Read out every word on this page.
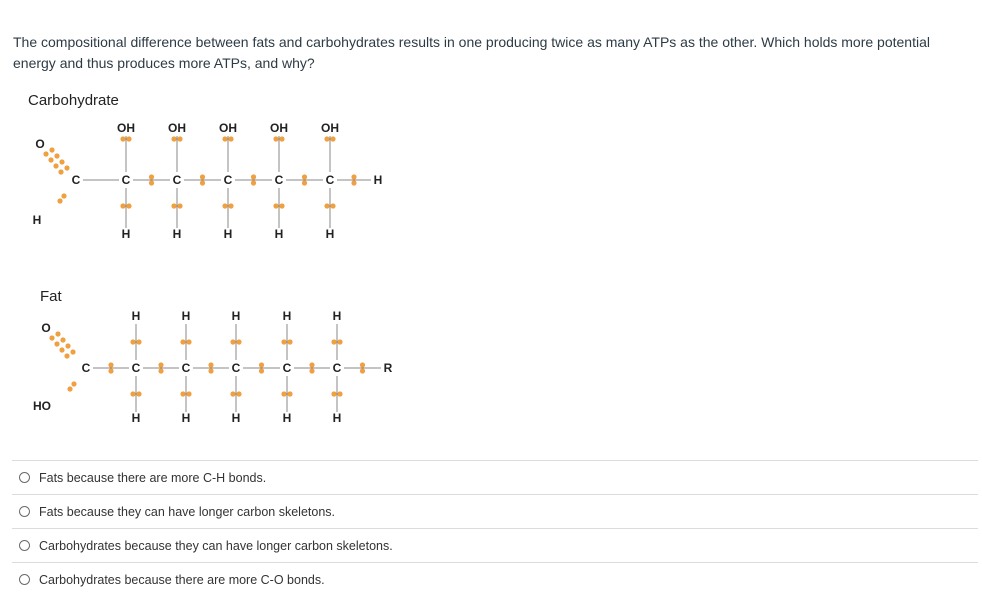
The compositional difference between fats and carbohydrates results in one producing twice as many ATPs as the other. Which holds more potential energy and thus produces more ATPs, and why?

Carbohydrate
O
C
H
C
OH
H
C
OH
H
C
OH
H
C
OH
H
C
OH
H
H
Fat
O
C
HO
C
H
H
C
H
H
C
H
H
C
H
H
C
H
H
R
Fats because there are more C-H bonds.
Fats because they can have longer carbon skeletons.
Carbohydrates because they can have longer carbon skeletons.
Carbohydrates because there are more C-O bonds.
